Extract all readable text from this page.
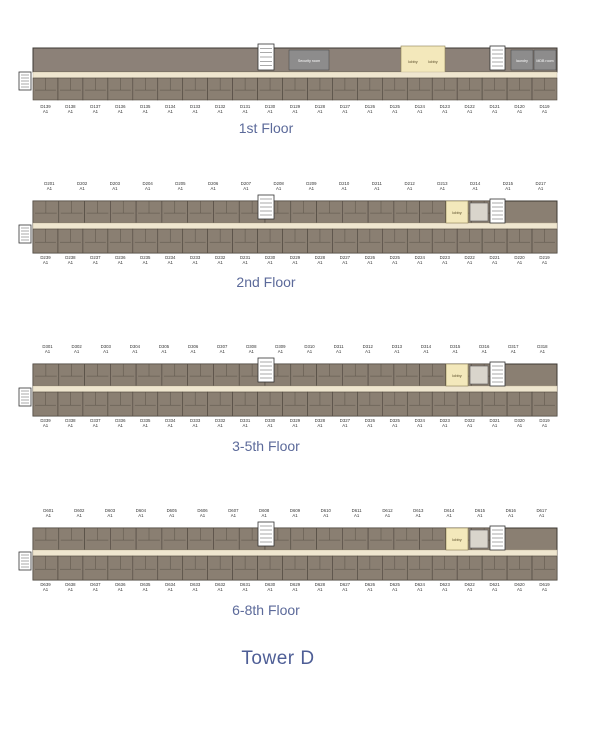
Security room	lobby	lobby	laundry MDB room
D139
A1
D138
A1
D137
A1
D136
A1
D135
A1
D134
A1
D133
A1
D132
A1
D131
A1
D130
A1
D129
A1
D128
A1
D127
A1
D126
A1
D125
A1
D124
A1
D123
A1
D122
A1
D121
A1
D120
A1
D119
A1
1st Floor
lobby
D201
A1
D202
A1
D203
A1
D204
A1
D205
A1
D206
A1
D207
A1
D208
A1
D209
A1
D210
A1
D211
A1
D212
A1
D213
A1
D214
A1
D215
A1
D217
A1
D239
A1
D238
A1
D237
A1
D236
A1
D235
A1
D234
A1
D233
A1
D232
A1
D231
A1
D230
A1
D229
A1
D228
A1
D227
A1
D226
A1
D225
A1
D224
A1
D223
A1
D222
A1
D221
A1
D220
A1
D219
A1
2nd Floor
lobby
D301
A1
D302
A1
D303
A1
D304
A1
D305
A1
D306
A1
D307
A1
D308
A1
D309
A1
D310
A1
D311
A1
D312
A1
D313
A1
D314
A1
D315
A1
D316
A1
D317
A1
D318
A1
D339
A1
D338
A1
D337
A1
D336
A1
D335
A1
D334
A1
D333
A1
D332
A1
D331
A1
D330
A1
D329
A1
D328
A1
D327
A1
D326
A1
D325
A1
D324
A1
D323
A1
D322
A1
D321
A1
D320
A1
D319
A1
3-5th Floor
lobby
D601
A1
D602
A1
D603
A1
D604
A1
D605
A1
D606
A1
D607
A1
D608
A1
D609
A1
D610
A1
D611
A1
D612
A1
D613
A1
D614
A1
D615
A1
D616
A1
D617
A1
D639
A1
D638
A1
D637
A1
D636
A1
D635
A1
D634
A1
D633
A1
D632
A1
D631
A1
D630
A1
D629
A1
D628
A1
D627
A1
D626
A1
D625
A1
D624
A1
D623
A1
D622
A1
D621
A1
D620
A1
D619
A1
6-8th Floor
Tower D
